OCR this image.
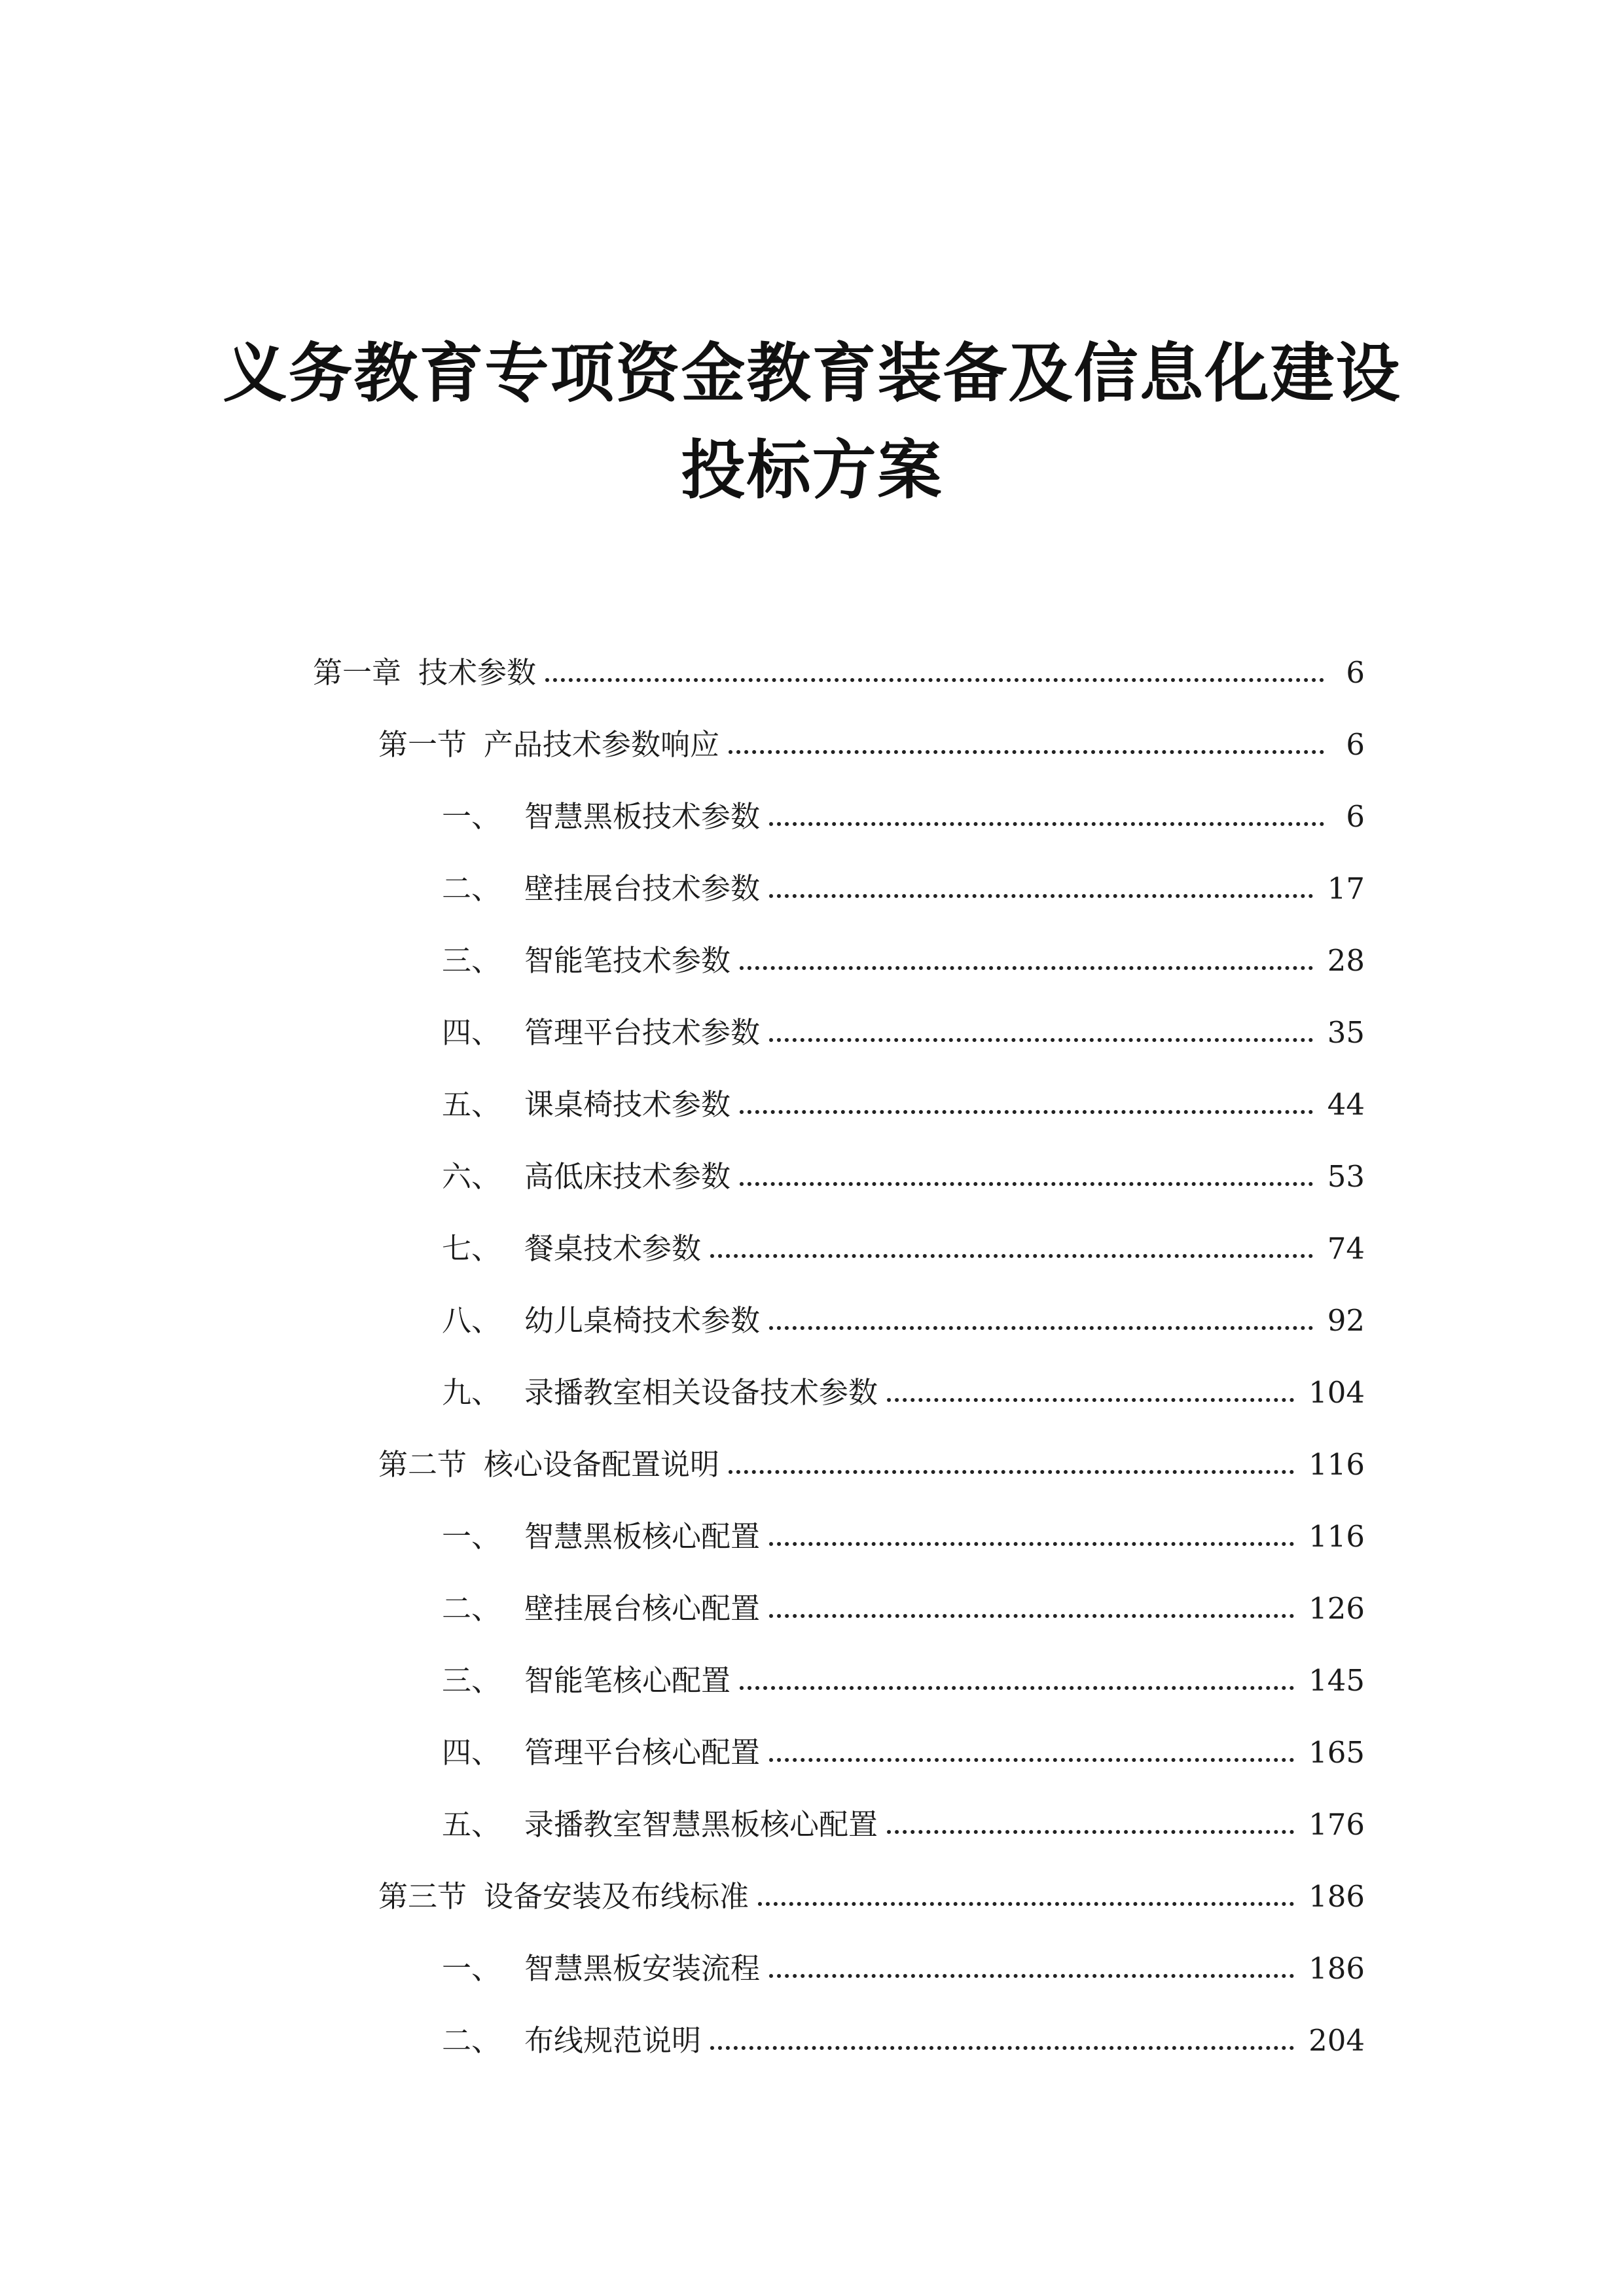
义务教育专项资金教育装备及信息化建设
投标方案
第一章 技术参数	6
第一节 产品技术参数响应	6
一、 智慧黑板技术参数	6
二、 壁挂展台技术参数	17
三、 智能笔技术参数	28
四、 管理平台技术参数	35
五、 课桌椅技术参数	44
六、 高低床技术参数	53
七、 餐桌技术参数	74
八、 幼儿桌椅技术参数	92
九、 录播教室相关设备技术参数	104
第二节 核心设备配置说明	116
一、 智慧黑板核心配置	116
二、 壁挂展台核心配置	126
三、 智能笔核心配置	145
四、 管理平台核心配置	165
五、 录播教室智慧黑板核心配置	176
第三节 设备安装及布线标准	186
一、 智慧黑板安装流程	186
二、 布线规范说明	204
